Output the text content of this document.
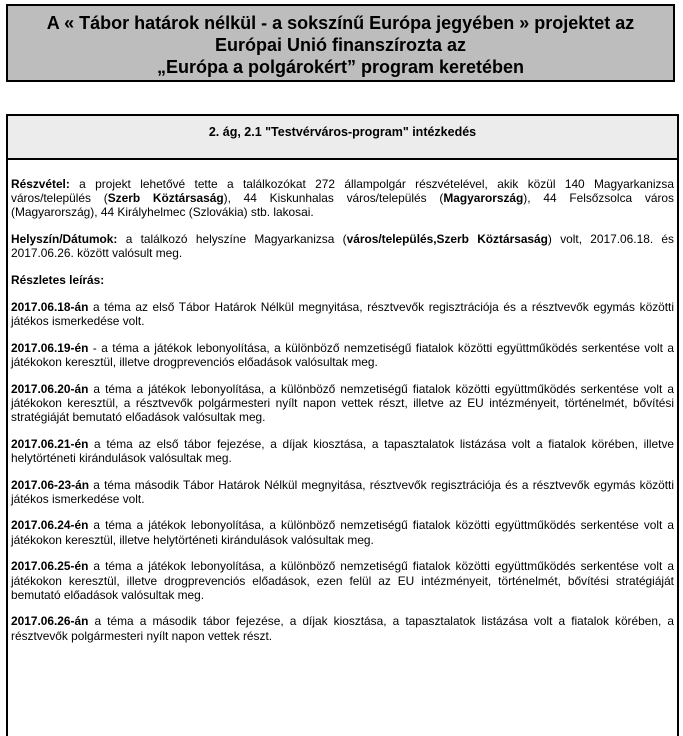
A « Tábor határok nélkül - a sokszínű Európa jegyében » projektet az
Európai Unió finanszírozta az
„Európa a polgárokért” program keretében
2. ág, 2.1 "Testvérváros-program" intézkedés

Részvétel: a projekt lehetővé tette a találkozókat 272 állampolgár részvételével, akik közül 140 Magyarkanizsa város/település (Szerb Köztársaság), 44 Kiskunhalas város/település (Magyarország), 44 Felsőzsolca város (Magyarország), 44 Királyhelmec (Szlovákia) stb. lakosai.

Helyszín/Dátumok: a találkozó helyszíne Magyarkanizsa (város/település,Szerb Köztársaság) volt, 2017.06.18. és 2017.06.26. között valósult meg.

Részletes leírás:

2017.06.18-án a téma az első Tábor Határok Nélkül megnyitása, résztvevők regisztrációja és a résztvevők egymás közötti játékos ismerkedése volt.

2017.06.19-én - a téma a játékok lebonyolítása, a különböző nemzetiségű fiatalok közötti együttműködés serkentése volt a játékokon keresztül, illetve drogprevenciós előadások valósultak meg.

2017.06.20-án a téma a játékok lebonyolítása, a különböző nemzetiségű fiatalok közötti együttműködés serkentése volt a játékokon keresztül, a résztvevők polgármesteri nyílt napon vettek részt, illetve az EU intézményeit, történelmét, bővítési stratégiáját bemutató előadások valósultak meg.

2017.06.21-én a téma az első tábor fejezése, a díjak kiosztása, a tapasztalatok listázása volt a fiatalok körében, illetve helytörténeti kirándulások valósultak meg.

2017.06-23-án a téma második Tábor Határok Nélkül megnyitása, résztvevők regisztrációja és a résztvevők egymás közötti játékos ismerkedése volt.

2017.06.24-én a téma a játékok lebonyolítása, a különböző nemzetiségű fiatalok közötti együttműködés serkentése volt a játékokon keresztül, illetve helytörténeti kirándulások valósultak meg.

2017.06.25-én a téma a játékok lebonyolítása, a különböző nemzetiségű fiatalok közötti együttműködés serkentése volt a játékokon keresztül, illetve drogprevenciós előadások, ezen felül az EU intézményeit, történelmét, bővítési stratégiáját bemutató előadások valósultak meg.

2017.06.26-án a téma a második tábor fejezése, a díjak kiosztása, a tapasztalatok listázása volt a fiatalok körében, a résztvevők polgármesteri nyílt napon vettek részt.
